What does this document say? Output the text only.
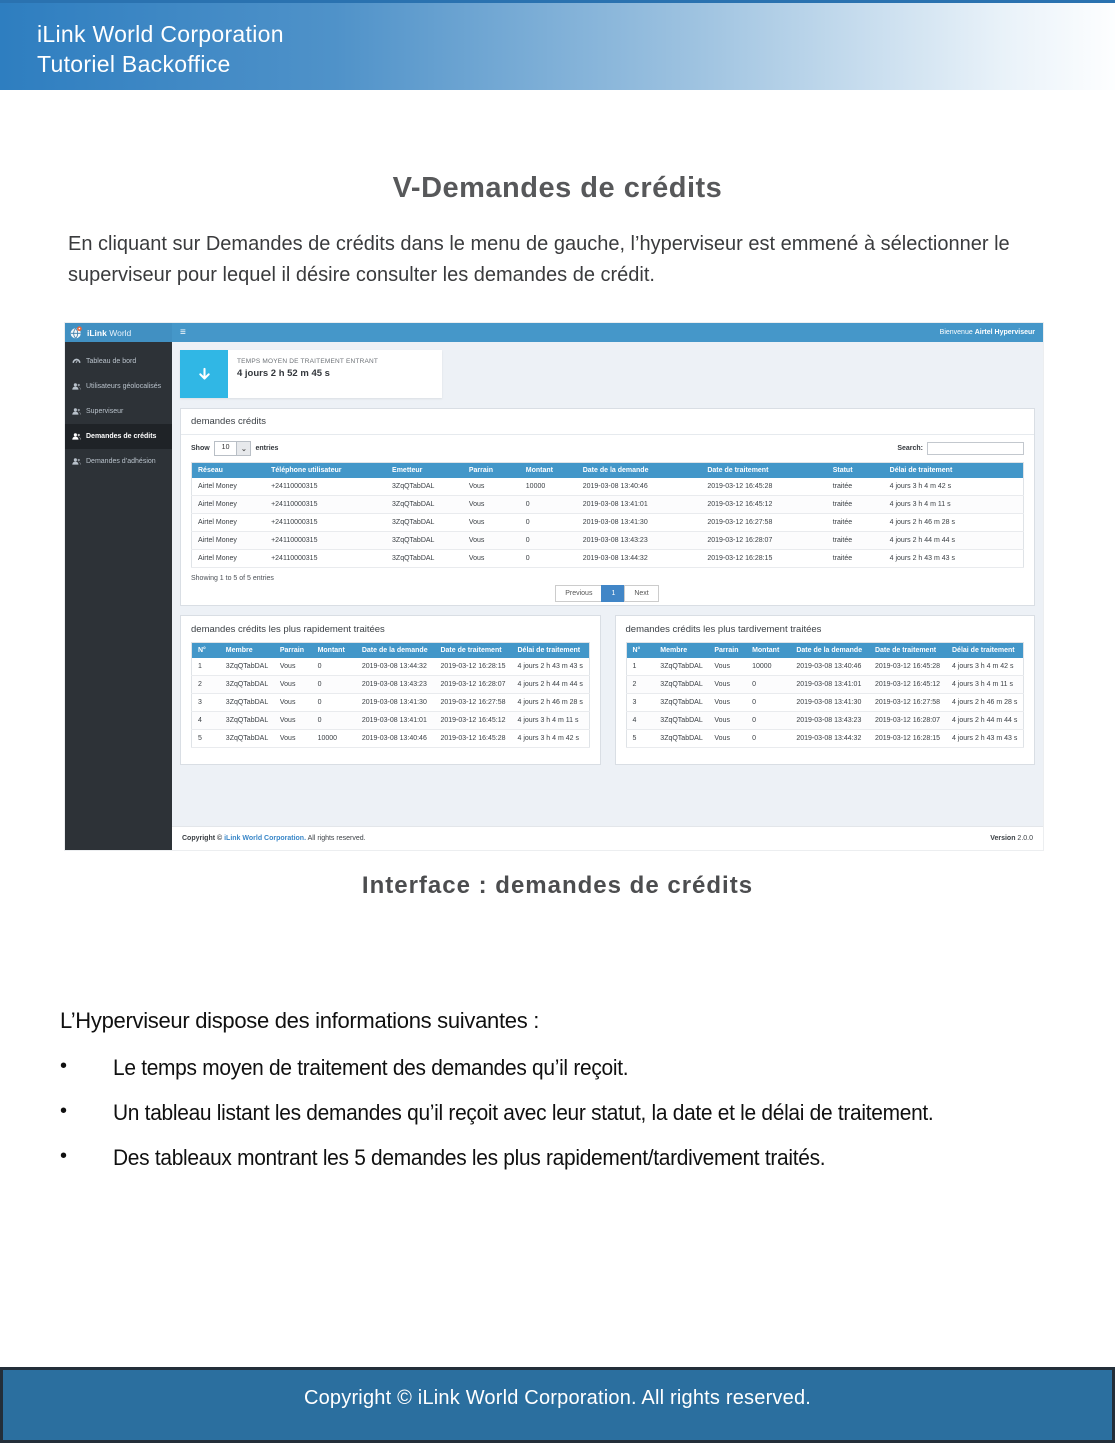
iLink World Corporation
Tutoriel Backoffice
V-Demandes de crédits
En cliquant sur Demandes de crédits dans le menu de gauche, l’hyperviseur est emmené à sélectionner le superviseur pour lequel il désire consulter les demandes de crédit.
iLink World	≡	Bienvenue Airtel Hyperviseur
Tableau de bord
Utilisateurs géolocalisés
Superviseur
Demandes de crédits
Demandes d’adhésion
TEMPS MOYEN DE TRAITEMENT ENTRANT
4 jours 2 h 52 m 45 s
demandes crédits
Show	10	⌄	entries	Search:
Réseau	Téléphone utilisateur	Emetteur	Parrain	Montant	Date de la demande	Date de traitement	Statut	Délai de traitement
Airtel Money	+24110000315	3ZqQTabDAL	Vous	10000	2019-03-08 13:40:46	2019-03-12 16:45:28	traitée	4 jours 3 h 4 m 42 s
Airtel Money	+24110000315	3ZqQTabDAL	Vous	0	2019-03-08 13:41:01	2019-03-12 16:45:12	traitée	4 jours 3 h 4 m 11 s
Airtel Money	+24110000315	3ZqQTabDAL	Vous	0	2019-03-08 13:41:30	2019-03-12 16:27:58	traitée	4 jours 2 h 46 m 28 s
Airtel Money	+24110000315	3ZqQTabDAL	Vous	0	2019-03-08 13:43:23	2019-03-12 16:28:07	traitée	4 jours 2 h 44 m 44 s
Airtel Money	+24110000315	3ZqQTabDAL	Vous	0	2019-03-08 13:44:32	2019-03-12 16:28:15	traitée	4 jours 2 h 43 m 43 s
Showing 1 to 5 of 5 entries
Previous	1	Next
demandes crédits les plus rapidement traitées
N°	Membre	Parrain	Montant	Date de la demande	Date de traitement	Délai de traitement
1	3ZqQTabDAL	Vous	0	2019-03-08 13:44:32	2019-03-12 16:28:15	4 jours 2 h 43 m 43 s
2	3ZqQTabDAL	Vous	0	2019-03-08 13:43:23	2019-03-12 16:28:07	4 jours 2 h 44 m 44 s
3	3ZqQTabDAL	Vous	0	2019-03-08 13:41:30	2019-03-12 16:27:58	4 jours 2 h 46 m 28 s
4	3ZqQTabDAL	Vous	0	2019-03-08 13:41:01	2019-03-12 16:45:12	4 jours 3 h 4 m 11 s
5	3ZqQTabDAL	Vous	10000	2019-03-08 13:40:46	2019-03-12 16:45:28	4 jours 3 h 4 m 42 s
demandes crédits les plus tardivement traitées
N°	Membre	Parrain	Montant	Date de la demande	Date de traitement	Délai de traitement
1	3ZqQTabDAL	Vous	10000	2019-03-08 13:40:46	2019-03-12 16:45:28	4 jours 3 h 4 m 42 s
2	3ZqQTabDAL	Vous	0	2019-03-08 13:41:01	2019-03-12 16:45:12	4 jours 3 h 4 m 11 s
3	3ZqQTabDAL	Vous	0	2019-03-08 13:41:30	2019-03-12 16:27:58	4 jours 2 h 46 m 28 s
4	3ZqQTabDAL	Vous	0	2019-03-08 13:43:23	2019-03-12 16:28:07	4 jours 2 h 44 m 44 s
5	3ZqQTabDAL	Vous	0	2019-03-08 13:44:32	2019-03-12 16:28:15	4 jours 2 h 43 m 43 s
Copyright © iLink World Corporation. All rights reserved.	Version 2.0.0
Interface : demandes de crédits

L’Hyperviseur dispose des informations suivantes :

•	Le temps moyen de traitement des demandes qu’il reçoit.
•	Un tableau listant les demandes qu’il reçoit avec leur statut, la date et le délai de traitement.
•	Des tableaux montrant les 5 demandes les plus rapidement/tardivement traités.
Copyright © iLink World Corporation. All rights reserved.
